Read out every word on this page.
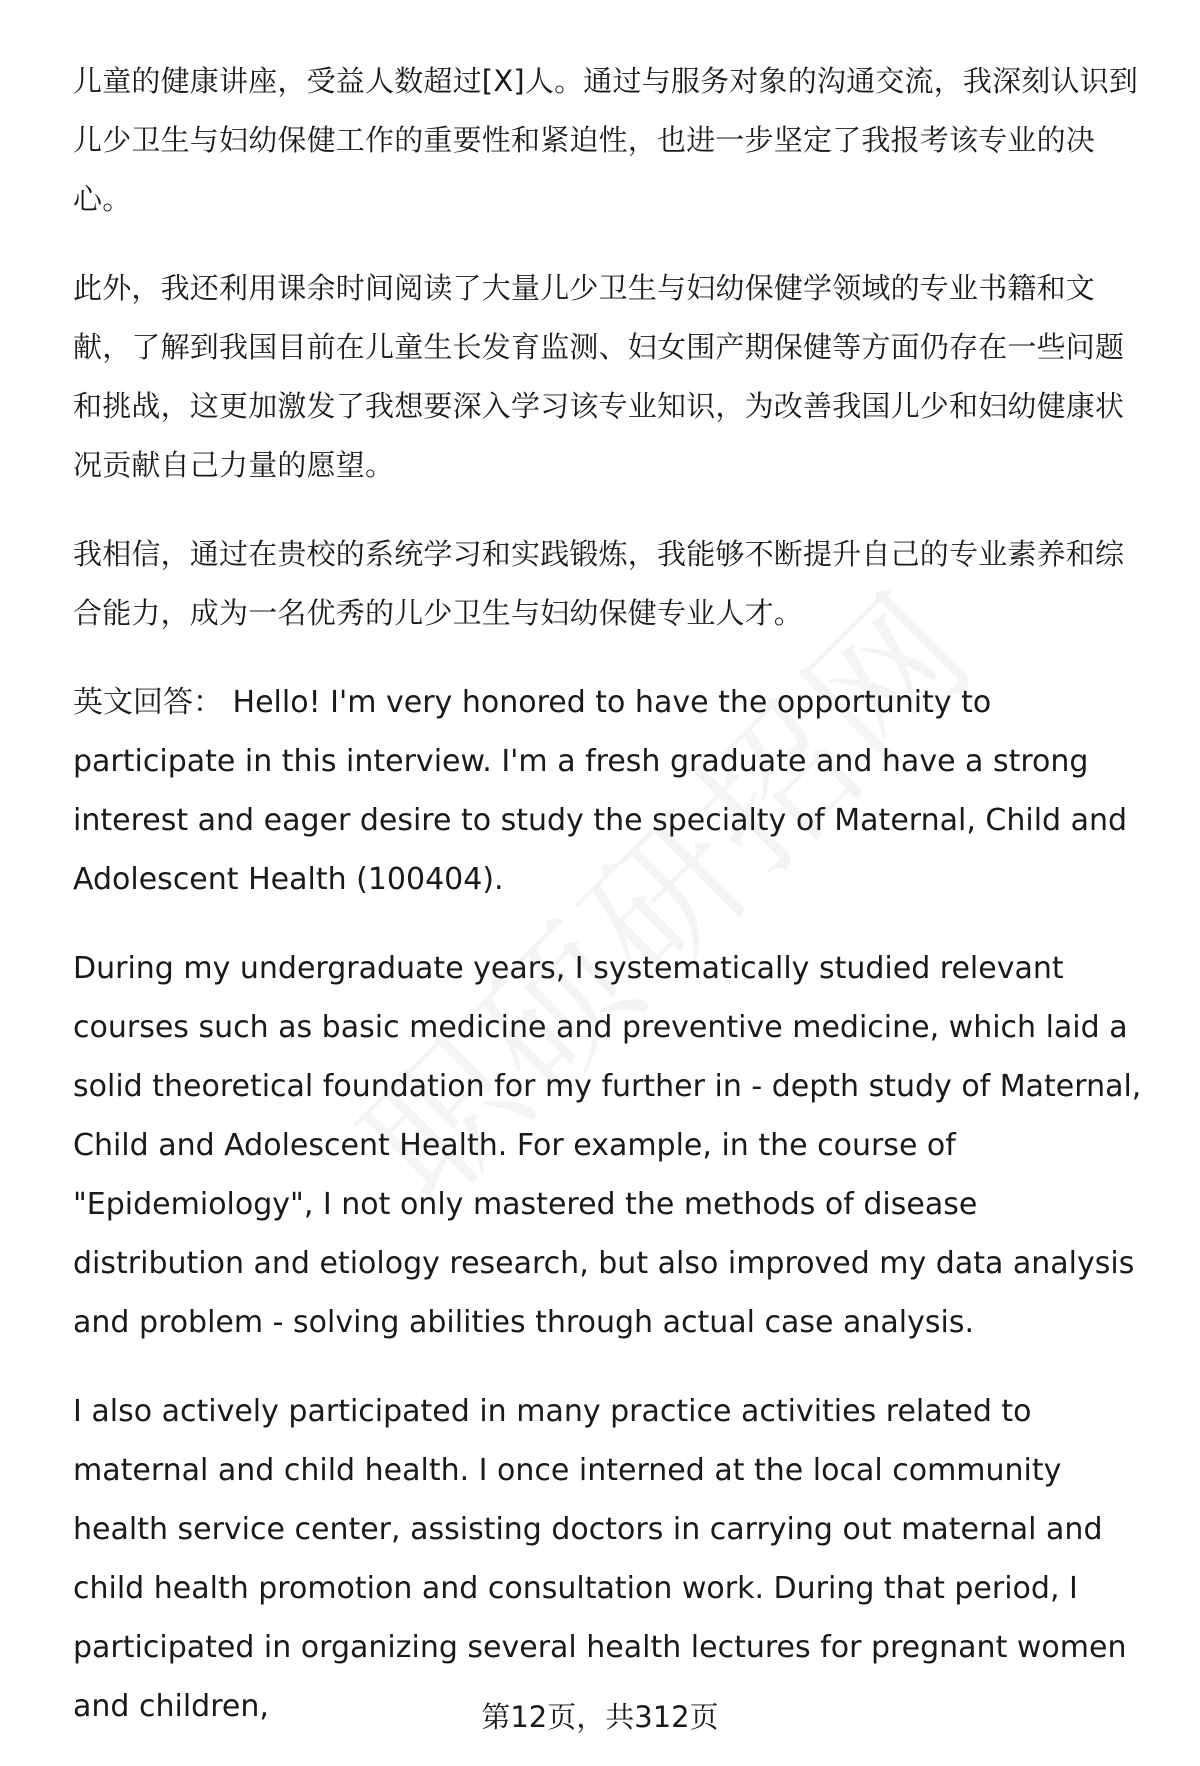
儿童的健康讲座，受益人数超过[X]人。通过与服务对象的沟通交流，我深刻认识到儿少卫生与妇幼保健工作的重要性和紧迫性，也进一步坚定了我报考该专业的决心。

此外，我还利用课余时间阅读了大量儿少卫生与妇幼保健学领域的专业书籍和文献，了解到我国目前在儿童生长发育监测、妇女围产期保健等方面仍存在一些问题和挑战，这更加激发了我想要深入学习该专业知识，为改善我国儿少和妇幼健康状况贡献自己力量的愿望。

我相信，通过在贵校的系统学习和实践锻炼，我能够不断提升自己的专业素养和综合能力，成为一名优秀的儿少卫生与妇幼保健专业人才。

英文回答： Hello! I'm very honored to have the opportunity to participate in this interview. I'm a fresh graduate and have a strong interest and eager desire to study the specialty of Maternal, Child and Adolescent Health (100404).

During my undergraduate years, I systematically studied relevant courses such as basic medicine and preventive medicine, which laid a solid theoretical foundation for my further in - depth study of Maternal, Child and Adolescent Health. For example, in the course of "Epidemiology", I not only mastered the methods of disease distribution and etiology research, but also improved my data analysis and problem - solving abilities through actual case analysis.

I also actively participated in many practice activities related to maternal and child health. I once interned at the local community health service center, assisting doctors in carrying out maternal and child health promotion and consultation work. During that period, I participated in organizing several health lectures for pregnant women and children,	第12页，共312页
